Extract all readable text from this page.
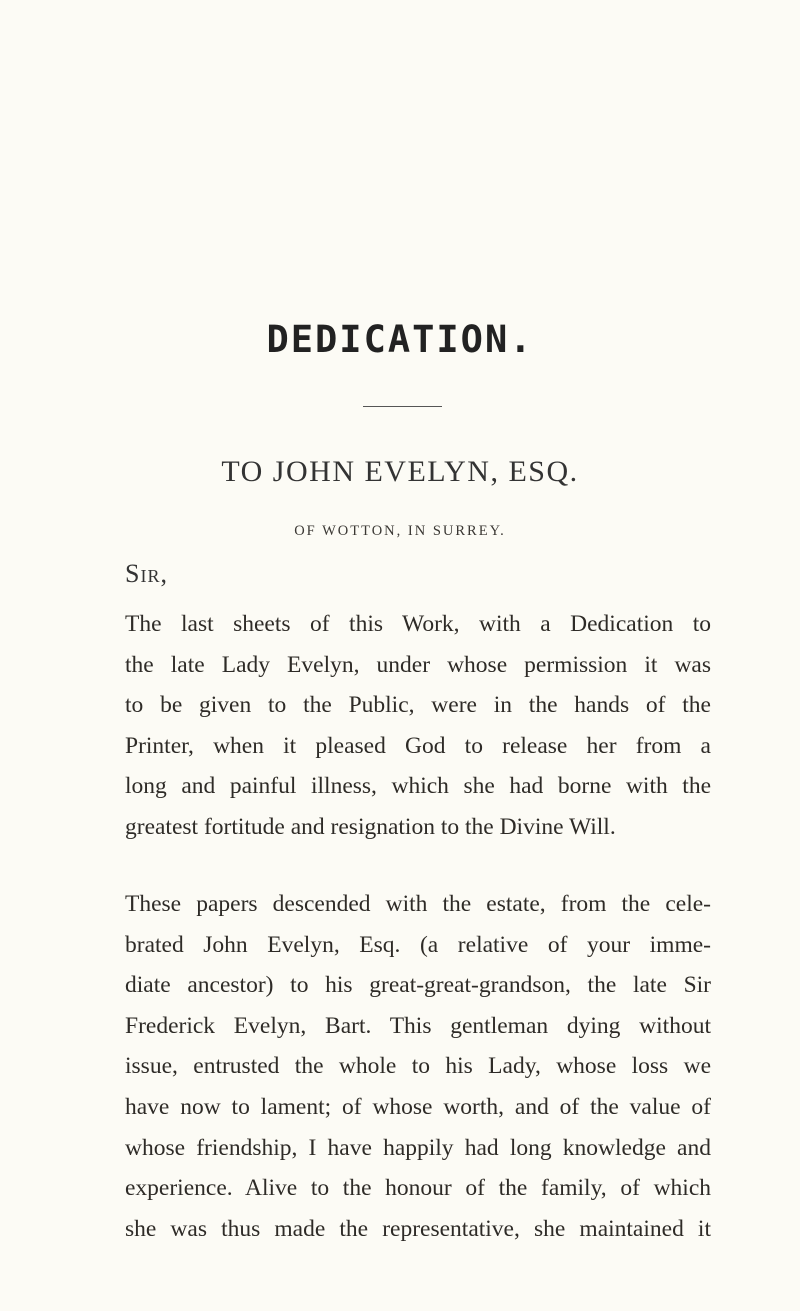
DEDICATION.
TO JOHN EVELYN, ESQ.
OF WOTTON, IN SURREY.
Sir,
The last sheets of this Work, with a Dedication to
the late Lady Evelyn, under whose permission it was
to be given to the Public, were in the hands of the
Printer, when it pleased God to release her from a
long and painful illness, which she had borne with the
greatest fortitude and resignation to the Divine Will.
These papers descended with the estate, from the cele-
brated John Evelyn, Esq. (a relative of your imme-
diate ancestor) to his great-great-grandson, the late Sir
Frederick Evelyn, Bart. This gentleman dying without
issue, entrusted the whole to his Lady, whose loss we
have now to lament; of whose worth, and of the value of
whose friendship, I have happily had long knowledge and
experience. Alive to the honour of the family, of which
she was thus made the representative, she maintained it
